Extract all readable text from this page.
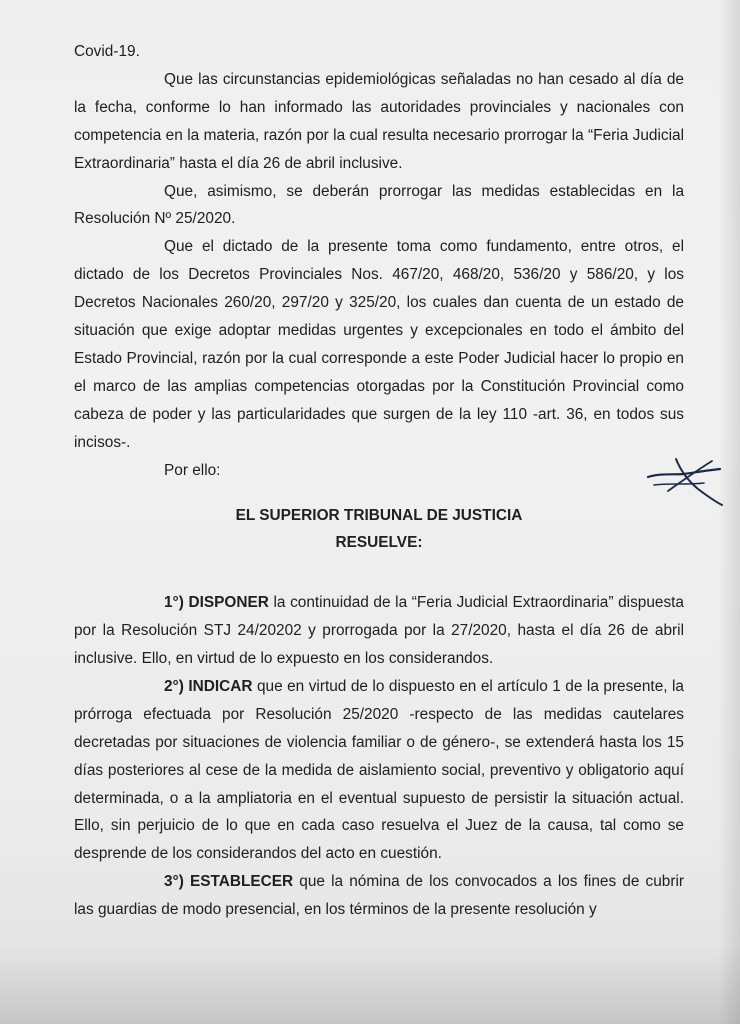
Covid-19.

Que las circunstancias epidemiológicas señaladas no han cesado al día de la fecha, conforme lo han informado las autoridades provinciales y nacionales con competencia en la materia, razón por la cual resulta necesario prorrogar la “Feria Judicial Extraordinaria” hasta el día 26 de abril inclusive.

Que, asimismo, se deberán prorrogar las medidas establecidas en la Resolución Nº 25/2020.

Que el dictado de la presente toma como fundamento, entre otros, el dictado de los Decretos Provinciales Nos. 467/20, 468/20, 536/20 y 586/20, y los Decretos Nacionales 260/20, 297/20 y 325/20, los cuales dan cuenta de un estado de situación que exige adoptar medidas urgentes y excepcionales en todo el ámbito del Estado Provincial, razón por la cual corresponde a este Poder Judicial hacer lo propio en el marco de las amplias competencias otorgadas por la Constitución Provincial como cabeza de poder y las particularidades que surgen de la ley 110 -art. 36, en todos sus incisos-.

Por ello:

EL SUPERIOR TRIBUNAL DE JUSTICIA

RESUELVE:

1°) DISPONER la continuidad de la “Feria Judicial Extraordinaria” dispuesta por la Resolución STJ 24/20202 y prorrogada por la 27/2020, hasta el día 26 de abril inclusive. Ello, en virtud de lo expuesto en los considerandos.

2°) INDICAR que en virtud de lo dispuesto en el artículo 1 de la presente, la prórroga efectuada por Resolución 25/2020 -respecto de las medidas cautelares decretadas por situaciones de violencia familiar o de género-, se extenderá hasta los 15 días posteriores al cese de la medida de aislamiento social, preventivo y obligatorio aquí determinada, o a la ampliatoria en el eventual supuesto de persistir la situación actual. Ello, sin perjuicio de lo que en cada caso resuelva el Juez de la causa, tal como se desprende de los considerandos del acto en cuestión.

3°) ESTABLECER que la nómina de los convocados a los fines de cubrir las guardias de modo presencial, en los términos de la presente resolución y
